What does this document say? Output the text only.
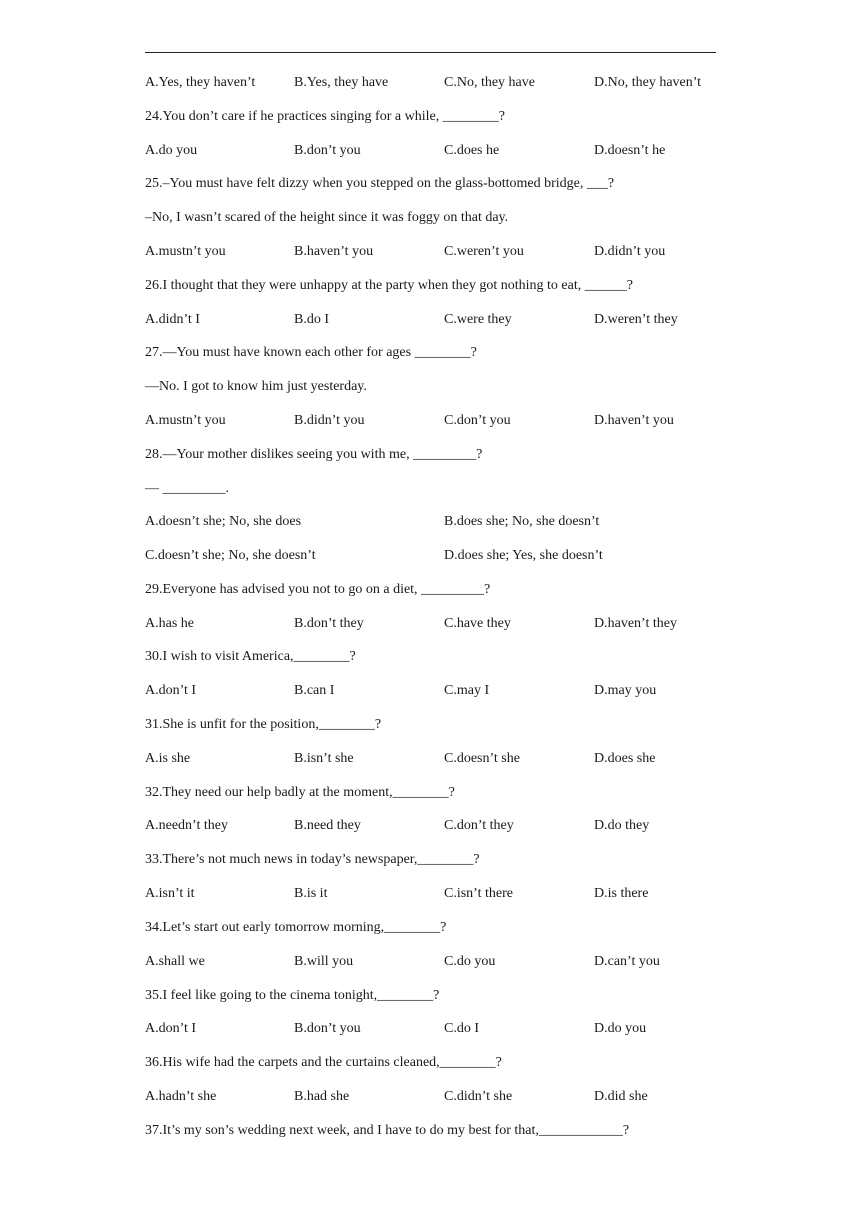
A.Yes, they haven’t	B.Yes, they have	C.No, they have	D.No, they haven’t
24.You don’t care if he practices singing for a while, ________?
A.do you	B.don’t you	C.does he	D.doesn’t he
25.–You must have felt dizzy when you stepped on the glass-bottomed bridge, ___?
–No, I wasn’t scared of the height since it was foggy on that day.
A.mustn’t you	B.haven’t you	C.weren’t you	D.didn’t you
26.I thought that they were unhappy at the party when they got nothing to eat, ______?
A.didn’t I	B.do I	C.were they	D.weren’t they
27.—You must have known each other for ages ________?
—No. I got to know him just yesterday.
A.mustn’t you	B.didn’t you	C.don’t you	D.haven’t you
28.—Your mother dislikes seeing you with me, _________?
— _________.
A.doesn’t she; No, she does	B.does she; No, she doesn’t
C.doesn’t she; No, she doesn’t	D.does she; Yes, she doesn’t
29.Everyone has advised you not to go on a diet, _________?
A.has he	B.don’t they	C.have they	D.haven’t they
30.I wish to visit America,________?
A.don’t I	B.can I	C.may I	D.may you
31.She is unfit for the position,________?
A.is she	B.isn’t she	C.doesn’t she	D.does she
32.They need our help badly at the moment,________?
A.needn’t they	B.need they	C.don’t they	D.do they
33.There’s not much news in today’s newspaper,________?
A.isn’t it	B.is it	C.isn’t there	D.is there
34.Let’s start out early tomorrow morning,________?
A.shall we	B.will you	C.do you	D.can’t you
35.I feel like going to the cinema tonight,________?
A.don’t I	B.don’t you	C.do I	D.do you
36.His wife had the carpets and the curtains cleaned,________?
A.hadn’t she	B.had she	C.didn’t she	D.did she
37.It’s my son’s wedding next week, and I have to do my best for that,____________?
